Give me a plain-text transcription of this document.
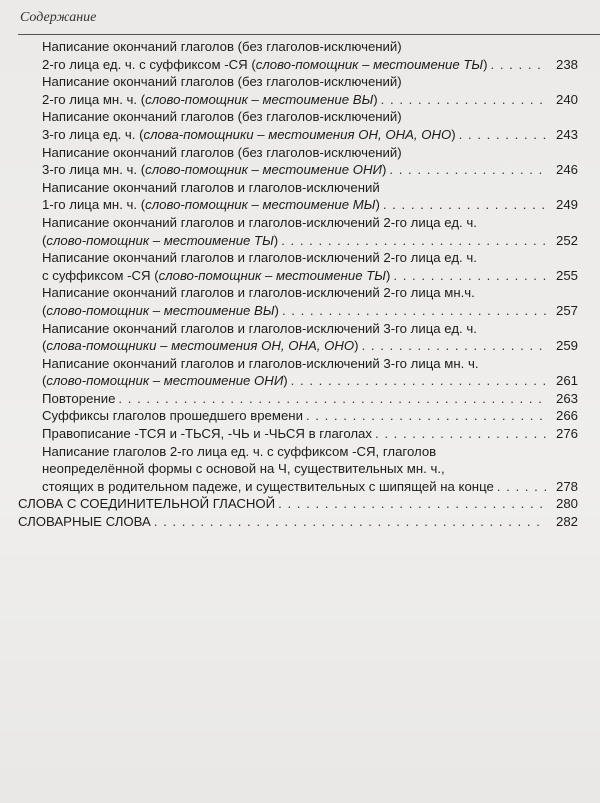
Содержание
Написание окончаний глаголов (без глаголов-исключений)
2-го лица ед. ч. с суффиксом -СЯ (слово-помощник – местоимение ТЫ) . . .	238
Написание окончаний глаголов (без глаголов-исключений)
2-го лица мн. ч. (слово-помощник – местоимение ВЫ) . . .	240
Написание окончаний глаголов (без глаголов-исключений)
3-го лица ед. ч. (слова-помощники – местоимения ОН, ОНА, ОНО) . . .	243
Написание окончаний глаголов (без глаголов-исключений)
3-го лица мн. ч. (слово-помощник – местоимение ОНИ) . . .	246
Написание окончаний глаголов и глаголов-исключений
1-го лица мн. ч. (слово-помощник – местоимение МЫ) . . .	249
Написание окончаний глаголов и глаголов-исключений 2-го лица ед. ч.
(слово-помощник – местоимение ТЫ) . . .	252
Написание окончаний глаголов и глаголов-исключений 2-го лица ед. ч.
с суффиксом -СЯ (слово-помощник – местоимение ТЫ) . . .	255
Написание окончаний глаголов и глаголов-исключений 2-го лица мн.ч.
(слово-помощник – местоимение ВЫ) . . .	257
Написание окончаний глаголов и глаголов-исключений 3-го лица ед. ч.
(слова-помощники – местоимения ОН, ОНА, ОНО) . . .	259
Написание окончаний глаголов и глаголов-исключений 3-го лица мн. ч.
(слово-помощник – местоимение ОНИ) . . .	261
Повторение . . .	263
Суффиксы глаголов прошедшего времени . . .	266
Правописание -ТСЯ и -ТЬСЯ, -ЧЬ и -ЧЬСЯ в глаголах . . .	276
Написание глаголов 2-го лица ед. ч. с суффиксом -СЯ, глаголов
неопределённой формы с основой на Ч, существительных мн. ч.,
стоящих в родительном падеже, и существительных с шипящей на конце . . .	278
СЛОВА С СОЕДИНИТЕЛЬНОЙ ГЛАСНОЙ . . .	280
СЛОВАРНЫЕ СЛОВА . . .	282
